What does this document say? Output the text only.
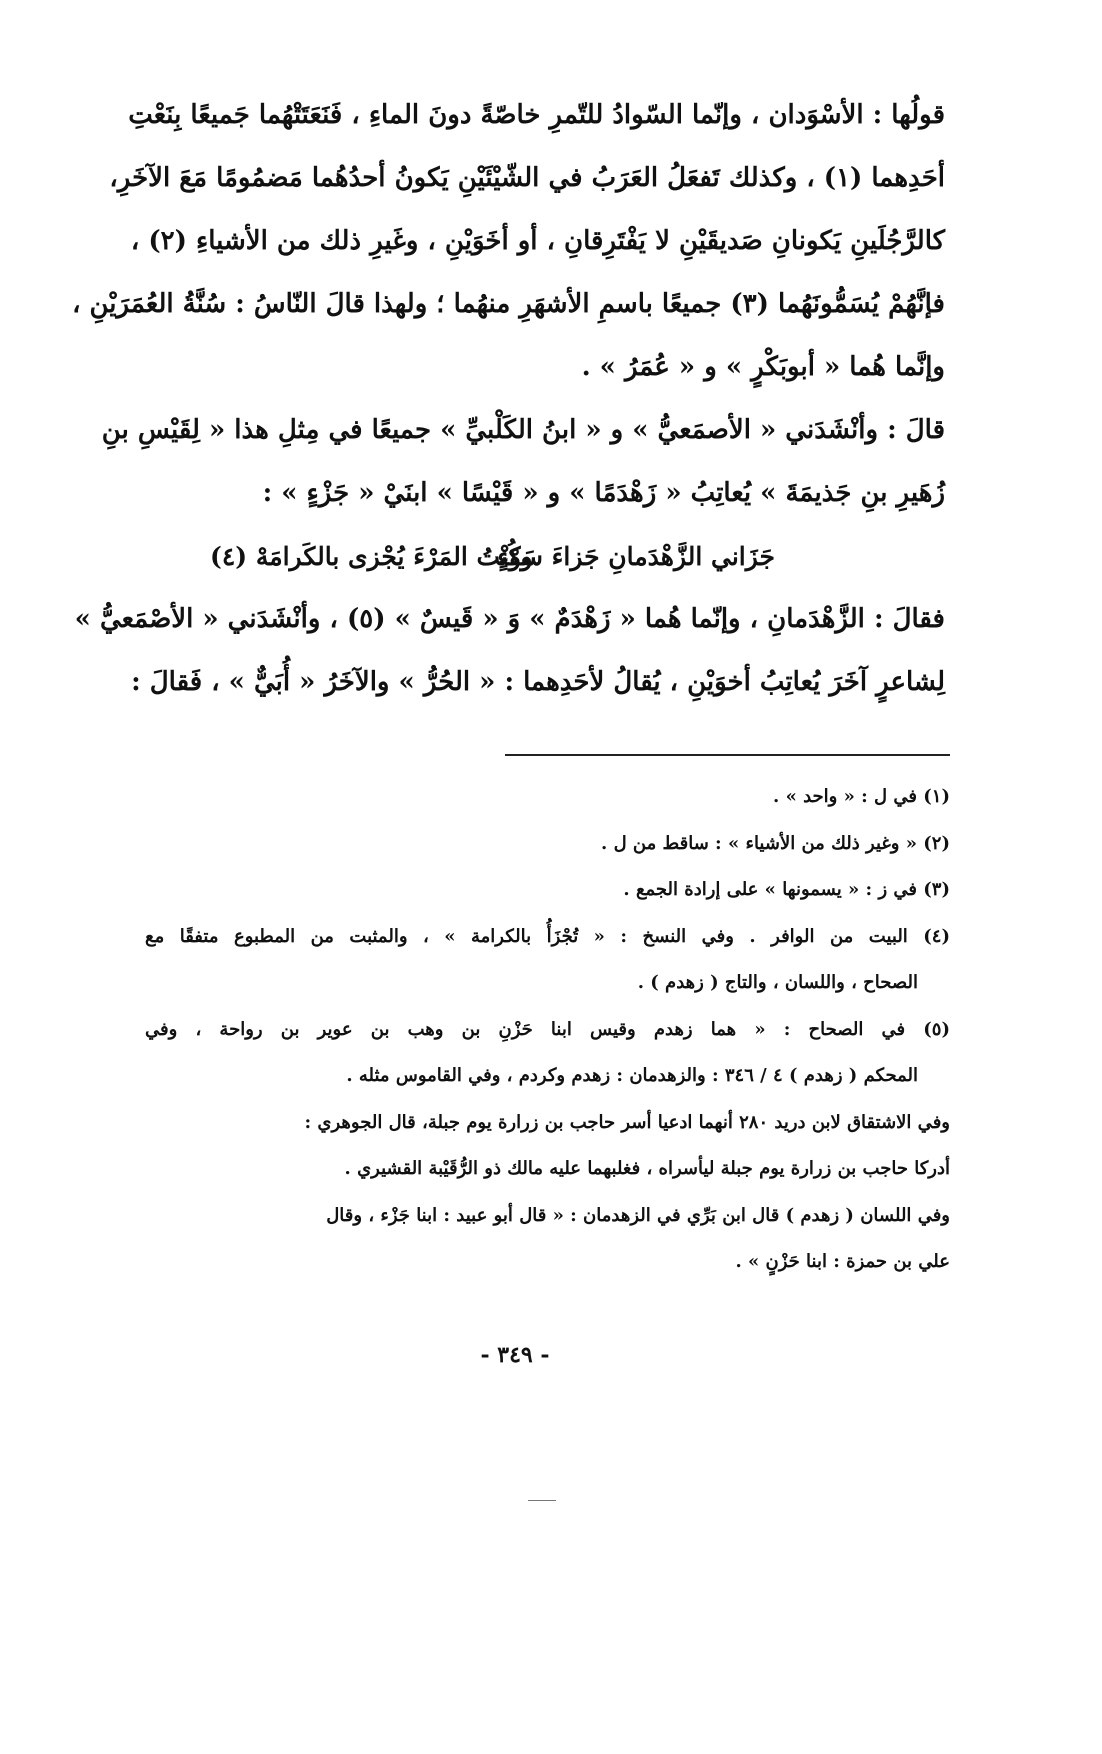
قولُها : الأسْوَدان ، وإنّما السّوادُ للتّمرِ خاصّةً دونَ الماءِ ، فَنَعَتَتْهُما جَميعًا بِنَعْتِ
أحَدِهما (١) ، وكذلك تَفعَلُ العَرَبُ في الشّيْئَيْنِ يَكونُ أحدُهُما مَضمُومًا مَعَ الآخَرِ،
كالرَّجُلَينِ يَكونانِ صَديقَيْنِ لا يَفْتَرِقانِ ، أو أخَوَيْنِ ، وغَيرِ ذلك من الأشياءِ (٢) ،
فإنَّهُمْ يُسَمُّونَهُما (٣) جميعًا باسمِ الأشهَرِ منهُما ؛ ولهذا قالَ النّاسُ : سُنَّةُ العُمَرَيْنِ ،
وإنَّما هُما « أبوبَكْرٍ » و « عُمَرُ » .
قالَ : وأنْشَدَني « الأصمَعيُّ » و « ابنُ الكَلْبيِّ » جميعًا في مِثلِ هذا « لِقَيْسِ بنِ
زُهَيرِ بنِ جَذيمَةَ » يُعاتِبُ « زَهْدَمًا » و « قَيْسًا » ابنَيْ « جَزْءٍ » :
جَزَاني الزَّهْدَمانِ جَزاءَ سَوْءٍ
وكُنْتُ المَرْءَ يُجْزى بالكَرامَهْ (٤)
فقالَ : الزَّهْدَمانِ ، وإنّما هُما « زَهْدَمٌ » وَ « قَيسٌ » (٥) ، وأنْشَدَني « الأصْمَعيُّ »
لِشاعرٍ آخَرَ يُعاتِبُ أخوَيْنِ ، يُقالُ لأحَدِهما : « الحُرُّ » والآخَرُ « أُبَيٌّ » ، فَقالَ :
(١) في ل : « واحد » .
(٢) « وغير ذلك من الأشياء » : ساقط من ل .
(٣) في ز : « يسمونها » على إرادة الجمع .
(٤) البيت من الوافر . وفي النسخ : « تُجْزَأُ بالكرامة » ، والمثبت من المطبوع متفقًا مع
الصحاح ، واللسان ، والتاج ( زهدم ) .
(٥) في الصحاح : « هما زهدم وقيس ابنا حَزْنِ بن وهب بن عوير بن رواحة ، وفي
المحكم ( زهدم ) ٤ / ٣٤٦ : والزهدمان : زهدم وكردم ، وفي القاموس مثله .
وفي الاشتقاق لابن دريد ٢٨٠ أنهما ادعيا أسر حاجب بن زرارة يوم جبلة، قال الجوهري :
أدركا حاجب بن زرارة يوم جبلة ليأسراه ، فغلبهما عليه مالك ذو الرُّقَيْبة القشيري .
وفي اللسان ( زهدم ) قال ابن بَرِّي في الزهدمان : « قال أبو عبيد : ابنا جَزْء ، وقال
علي بن حمزة : ابنا حَزْنٍ » .
- ٣٤٩ -
